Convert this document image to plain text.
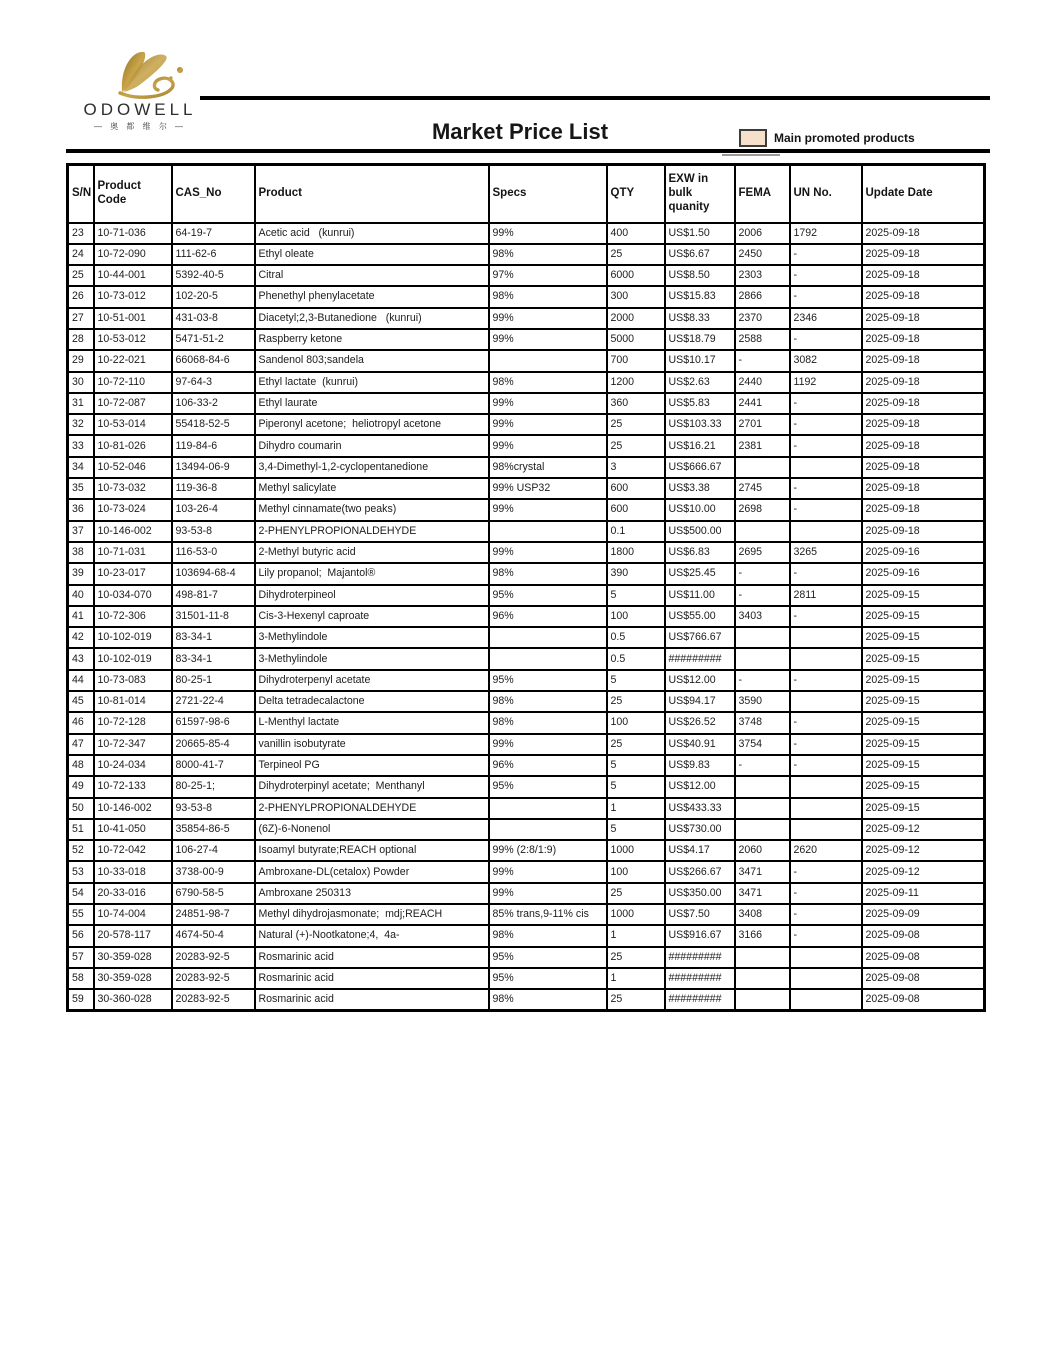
ODOWELL
— 奥 都 维 尔 —	Market Price List	Main promoted products
S/N	Product Code	CAS_No	Product	Specs	QTY	EXW in bulk quanity	FEMA	UN No.	Update Date
23	10-71-036	64-19-7	Acetic acid   (kunrui)	99%	400	US$1.50	2006	1792	2025-09-18
24	10-72-090	111-62-6	Ethyl oleate	98%	25	US$6.67	2450	-	2025-09-18
25	10-44-001	5392-40-5	Citral	97%	6000	US$8.50	2303	-	2025-09-18
26	10-73-012	102-20-5	Phenethyl phenylacetate	98%	300	US$15.83	2866	-	2025-09-18
27	10-51-001	431-03-8	Diacetyl;2,3-Butanedione   (kunrui)	99%	2000	US$8.33	2370	2346	2025-09-18
28	10-53-012	5471-51-2	Raspberry ketone	99%	5000	US$18.79	2588	-	2025-09-18
29	10-22-021	66068-84-6	Sandenol 803;sandela		700	US$10.17	-	3082	2025-09-18
30	10-72-110	97-64-3	Ethyl lactate  (kunrui)	98%	1200	US$2.63	2440	1192	2025-09-18
31	10-72-087	106-33-2	Ethyl laurate	99%	360	US$5.83	2441	-	2025-09-18
32	10-53-014	55418-52-5	Piperonyl acetone;  heliotropyl acetone	99%	25	US$103.33	2701	-	2025-09-18
33	10-81-026	119-84-6	Dihydro coumarin	99%	25	US$16.21	2381	-	2025-09-18
34	10-52-046	13494-06-9	3,4-Dimethyl-1,2-cyclopentanedione	98%crystal	3	US$666.67			2025-09-18
35	10-73-032	119-36-8	Methyl salicylate	99% USP32	600	US$3.38	2745	-	2025-09-18
36	10-73-024	103-26-4	Methyl cinnamate(two peaks)	99%	600	US$10.00	2698	-	2025-09-18
37	10-146-002	93-53-8	2-PHENYLPROPIONALDEHYDE		0.1	US$500.00			2025-09-18
38	10-71-031	116-53-0	2-Methyl butyric acid	99%	1800	US$6.83	2695	3265	2025-09-16
39	10-23-017	103694-68-4	Lily propanol;  Majantol®	98%	390	US$25.45	-	-	2025-09-16
40	10-034-070	498-81-7	Dihydroterpineol	95%	5	US$11.00	-	2811	2025-09-15
41	10-72-306	31501-11-8	Cis-3-Hexenyl caproate	96%	100	US$55.00	3403	-	2025-09-15
42	10-102-019	83-34-1	3-Methylindole		0.5	US$766.67			2025-09-15
43	10-102-019	83-34-1	3-Methylindole		0.5	#########			2025-09-15
44	10-73-083	80-25-1	Dihydroterpenyl acetate	95%	5	US$12.00	-	-	2025-09-15
45	10-81-014	2721-22-4	Delta tetradecalactone	98%	25	US$94.17	3590		2025-09-15
46	10-72-128	61597-98-6	L-Menthyl lactate	98%	100	US$26.52	3748	-	2025-09-15
47	10-72-347	20665-85-4	vanillin isobutyrate	99%	25	US$40.91	3754	-	2025-09-15
48	10-24-034	8000-41-7	Terpineol PG	96%	5	US$9.83	-	-	2025-09-15
49	10-72-133	80-25-1;	Dihydroterpinyl acetate;  Menthanyl	95%	5	US$12.00			2025-09-15
50	10-146-002	93-53-8	2-PHENYLPROPIONALDEHYDE		1	US$433.33			2025-09-15
51	10-41-050	35854-86-5	(6Z)-6-Nonenol		5	US$730.00			2025-09-12
52	10-72-042	106-27-4	Isoamyl butyrate;REACH optional	99% (2:8/1:9)	1000	US$4.17	2060	2620	2025-09-12
53	10-33-018	3738-00-9	Ambroxane-DL(cetalox) Powder	99%	100	US$266.67	3471	-	2025-09-12
54	20-33-016	6790-58-5	Ambroxane 250313	99%	25	US$350.00	3471	-	2025-09-11
55	10-74-004	24851-98-7	Methyl dihydrojasmonate;  mdj;REACH	85% trans,9-11% cis	1000	US$7.50	3408	-	2025-09-09
56	20-578-117	4674-50-4	Natural (+)-Nootkatone;4,  4a-	98%	1	US$916.67	3166	-	2025-09-08
57	30-359-028	20283-92-5	Rosmarinic acid	95%	25	#########			2025-09-08
58	30-359-028	20283-92-5	Rosmarinic acid	95%	1	#########			2025-09-08
59	30-360-028	20283-92-5	Rosmarinic acid	98%	25	#########			2025-09-08
